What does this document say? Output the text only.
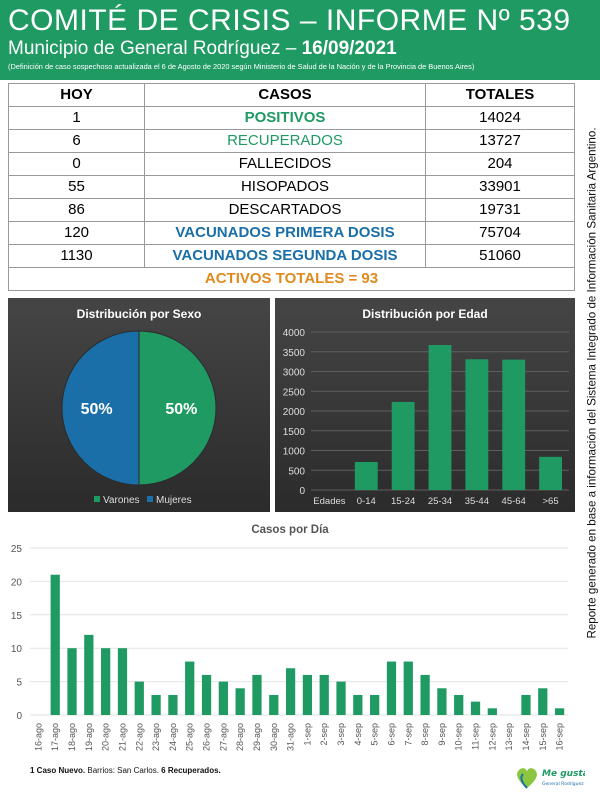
COMITÉ DE CRISIS – INFORME Nº 539
Municipio de General Rodríguez – 16/09/2021
(Definición de caso sospechoso actualizada el 6 de Agosto de 2020 según Ministerio de Salud de la Nación y de la Provincia de Buenos Aires)
HOY	CASOS	TOTALES
1	POSITIVOS	14024
6	RECUPERADOS	13727
0	FALLECIDOS	204
55	HISOPADOS	33901
86	DESCARTADOS	19731
120	VACUNADOS PRIMERA DOSIS	75704
1130	VACUNADOS SEGUNDA DOSIS	51060
ACTIVOS TOTALES = 93		
Distribución por Sexo
50%
50%
Varones Mujeres
Distribución por Edad
0
500
1000
1500
2000
2500
3000
3500
4000
Edades 0-14 15-24 25-34 35-44 45-64 >65
Casos por Día
0
5
10
15
20
25
16-ago 17-ago 18-ago 19-ago 20-ago 21-ago 22-ago 23-ago 24-ago 25-ago 26-ago 27-ago 28-ago 29-ago 30-ago 31-ago 1-sep 2-sep 3-sep 4-sep 5-sep 6-sep 7-sep 8-sep 9-sep 10-sep 11-sep 12-sep 13-sep 14-sep 15-sep 16-sep
Reporte generado en base a información del Sistema Integrado de Información Sanitaria Argentino.
1 Caso Nuevo. Barrios: San Carlos. 6 Recuperados.	Me gusta
General Rodríguez
